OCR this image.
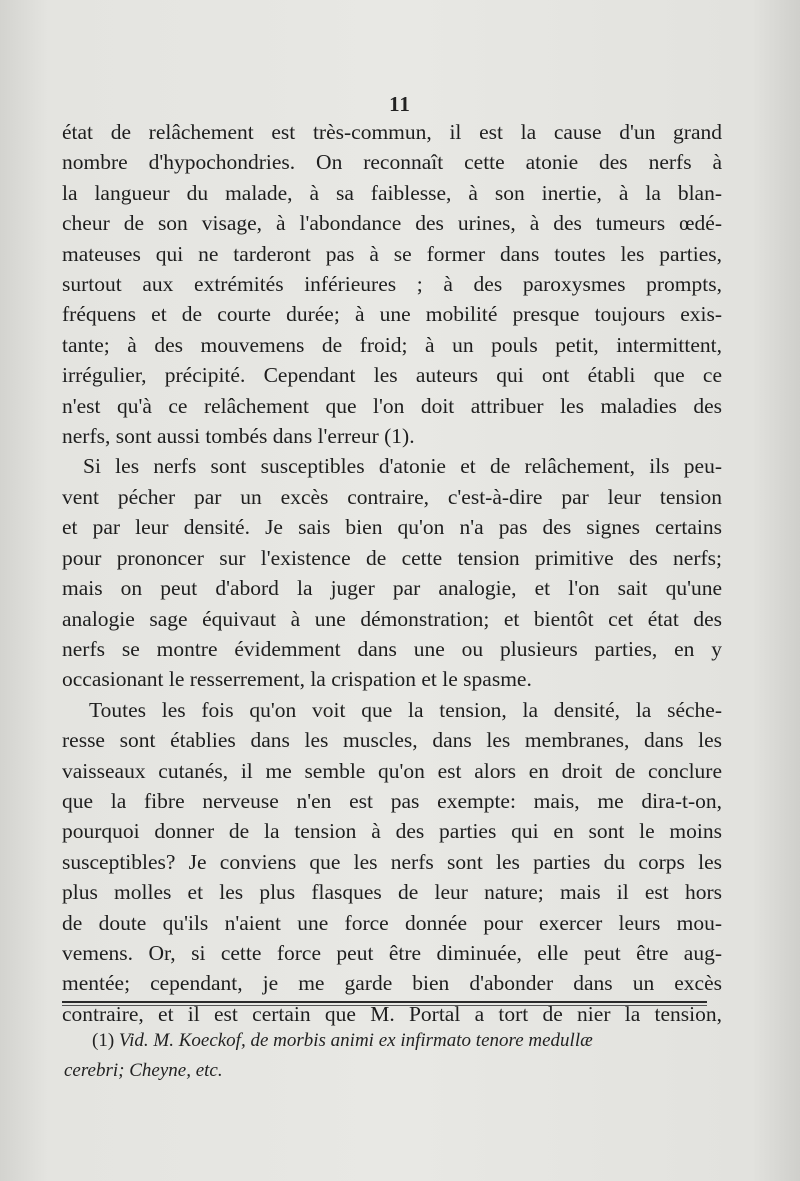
11
état de relâchement est très-commun, il est la cause d'un grand
nombre d'hypochondries. On reconnaît cette atonie des nerfs à
la langueur du malade, à sa faiblesse, à son inertie, à la blan-
cheur de son visage, à l'abondance des urines, à des tumeurs œdé-
mateuses qui ne tarderont pas à se former dans toutes les parties,
surtout aux extrémités inférieures ; à des paroxysmes prompts,
fréquens et de courte durée; à une mobilité presque toujours exis-
tante; à des mouvemens de froid; à un pouls petit, intermittent,
irrégulier, précipité. Cependant les auteurs qui ont établi que ce
n'est qu'à ce relâchement que l'on doit attribuer les maladies des
nerfs, sont aussi tombés dans l'erreur (1).
Si les nerfs sont susceptibles d'atonie et de relâchement, ils peu-
vent pécher par un excès contraire, c'est-à-dire par leur tension
et par leur densité. Je sais bien qu'on n'a pas des signes certains
pour prononcer sur l'existence de cette tension primitive des nerfs;
mais on peut d'abord la juger par analogie, et l'on sait qu'une
analogie sage équivaut à une démonstration; et bientôt cet état des
nerfs se montre évidemment dans une ou plusieurs parties, en y
occasionant le resserrement, la crispation et le spasme.
Toutes les fois qu'on voit que la tension, la densité, la séche-
resse sont établies dans les muscles, dans les membranes, dans les
vaisseaux cutanés, il me semble qu'on est alors en droit de conclure
que la fibre nerveuse n'en est pas exempte: mais, me dira-t-on,
pourquoi donner de la tension à des parties qui en sont le moins
susceptibles? Je conviens que les nerfs sont les parties du corps les
plus molles et les plus flasques de leur nature; mais il est hors
de doute qu'ils n'aient une force donnée pour exercer leurs mou-
vemens. Or, si cette force peut être diminuée, elle peut être aug-
mentée; cependant, je me garde bien d'abonder dans un excès
contraire, et il est certain que M. Portal a tort de nier la tension,
(1) Vid. M. Koeckof, de morbis animi ex infirmato tenore medullæ
cerebri; Cheyne, etc.
